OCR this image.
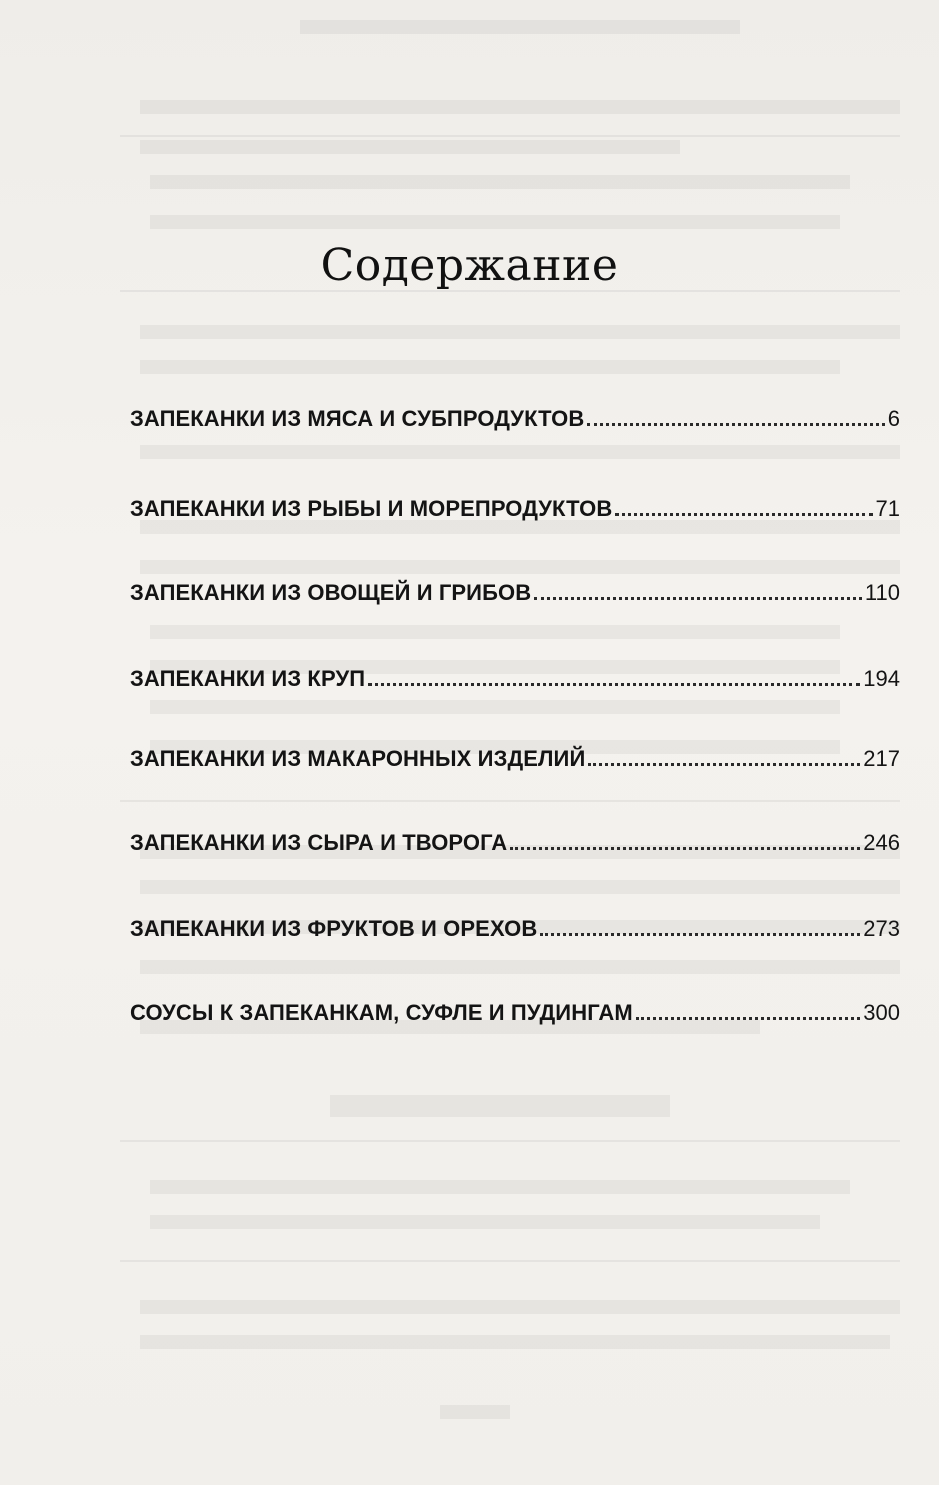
Содержание
ЗАПЕКАНКИ ИЗ МЯСА И СУБПРОДУКТОВ	6
ЗАПЕКАНКИ ИЗ РЫБЫ И МОРЕПРОДУКТОВ	71
ЗАПЕКАНКИ ИЗ ОВОЩЕЙ И ГРИБОВ	110
ЗАПЕКАНКИ ИЗ КРУП	194
ЗАПЕКАНКИ ИЗ МАКАРОННЫХ ИЗДЕЛИЙ	217
ЗАПЕКАНКИ ИЗ СЫРА И ТВОРОГА	246
ЗАПЕКАНКИ ИЗ ФРУКТОВ И ОРЕХОВ	273
СОУСЫ К ЗАПЕКАНКАМ, СУФЛЕ И ПУДИНГАМ	300
